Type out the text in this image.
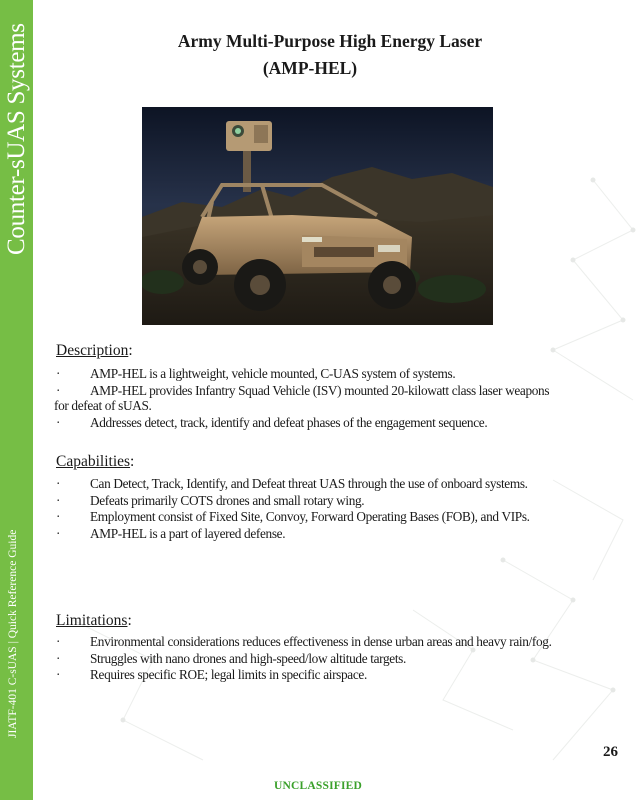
Counter-sUAS Systems
JIATF-401 C-sUAS | Quick Reference Guide
Army Multi-Purpose High Energy Laser
(AMP-HEL)
Description:

· AMP-HEL is a lightweight, vehicle mounted, C-UAS system of systems.

· AMP-HEL provides Infantry Squad Vehicle (ISV) mounted 20-kilowatt class laser weapons for defeat of sUAS.

· Addresses detect, track, identify and defeat phases of the engagement sequence.

Capabilities:

· Can Detect, Track, Identify, and Defeat threat UAS through the use of onboard systems.

· Defeats primarily COTS drones and small rotary wing.

· Employment consist of Fixed Site, Convoy, Forward Operating Bases (FOB), and VIPs.

· AMP-HEL is a part of layered defense.

Limitations:

· Environmental considerations reduces effectiveness in dense urban areas and heavy rain/fog.

· Struggles with nano drones and high-speed/low altitude targets.

· Requires specific ROE; legal limits in specific airspace.

26
UNCLASSIFIED
